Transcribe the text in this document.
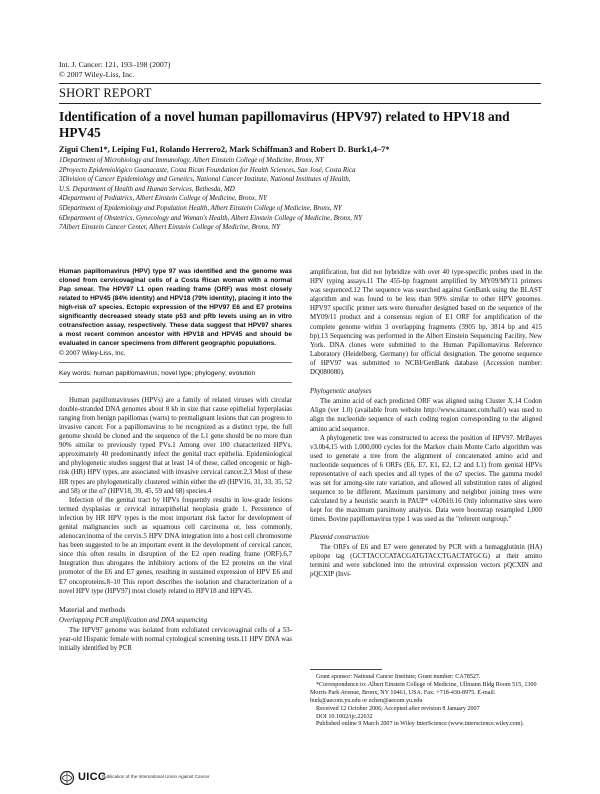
Int. J. Cancer: 121, 193–198 (2007)
© 2007 Wiley-Liss, Inc.
SHORT REPORT
Identification of a novel human papillomavirus (HPV97) related to HPV18 and HPV45
Zigui Chen1*, Leiping Fu1, Rolando Herrero2, Mark Schiffman3 and Robert D. Burk1,4–7*
1Department of Microbiology and Immunology, Albert Einstein College of Medicine, Bronx, NY
2Proyecto Epidemiológico Guanacaste, Costa Rican Foundation for Health Sciences, San José, Costa Rica
3Division of Cancer Epidemiology and Genetics, National Cancer Institute, National Institutes of Health,
U.S. Department of Health and Human Services, Bethesda, MD
4Department of Pediatrics, Albert Einstein College of Medicine, Bronx, NY
5Department of Epidemiology and Population Health, Albert Einstein College of Medicine, Bronx, NY
6Department of Obstetrics, Gynecology and Woman's Health, Albert Einstein College of Medicine, Bronx, NY
7Albert Einstein Cancer Center, Albert Einstein College of Medicine, Bronx, NY

Human papillomavirus (HPV) type 97 was identified and the genome was cloned from cervicovaginal cells of a Costa Rican woman with a normal Pap smear. The HPV97 L1 open reading frame (ORF) was most closely related to HPV45 (84% identity) and HPV18 (79% identity), placing it into the high-risk α7 species. Ectopic expression of the HPV97 E6 and E7 proteins significantly decreased steady state p53 and pRb levels using an in vitro cotransfection assay, respectively. These data suggest that HPV97 shares a most recent common ancestor with HPV18 and HPV45 and should be evaluated in cancer specimens from different geographic populations.

© 2007 Wiley-Liss, Inc.

Key words: human papillomavirus; novel type; phylogeny; evolution

Human papillomaviruses (HPVs) are a family of related viruses with circular double-stranded DNA genomes about 8 kb in size that cause epithelial hyperplasias ranging from benign papillomas (warts) to premalignant lesions that can progress to invasive cancer. For a papillomavirus to be recognized as a distinct type, the full genome should be cloned and the sequence of the L1 gene should be no more than 90% similar to previously typed PVs.1 Among over 100 characterized HPVs, approximately 40 predominantly infect the genital tract epithelia. Epidemiological and phylogenetic studies suggest that at least 14 of these, called oncogenic or high-risk (HR) HPV types, are associated with invasive cervical cancer.2,3 Most of these HR types are phylogenetically clustered within either the α9 (HPV16, 31, 33, 35, 52 and 58) or the α7 (HPV18, 39, 45, 59 and 68) species.4

Infection of the genital tract by HPVs frequently results in low-grade lesions termed dysplasias or cervical intraepithelial neoplasia grade 1. Persistence of infection by HR HPV types is the most important risk factor for development of genital malignancies such as squamous cell carcinoma or, less commonly, adenocarcinoma of the cervix.5 HPV DNA integration into a host cell chromosome has been suggested to be an important event in the development of cervical cancer, since this often results in disruption of the E2 open reading frame (ORF).6,7 Integration thus abrogates the inhibitory actions of the E2 proteins on the viral promoter of the E6 and E7 genes, resulting in sustained expression of HPV E6 and E7 oncoproteins.8–10 This report describes the isolation and characterization of a novel HPV type (HPV97) most closely related to HPV18 and HPV45.

Material and methods
Overlapping PCR amplification and DNA sequencing

The HPV97 genome was isolated from exfoliated cervicovaginal cells of a 53-year-old Hispanic female with normal cytological screening tests.11 HPV DNA was initially identified by PCR

amplification, but did not hybridize with over 40 type-specific probes used in the HPV typing assays.11 The 455-bp fragment amplified by MY09/MY11 primers was sequenced.12 The sequence was searched against GenBank using the BLAST algorithm and was found to be less than 90% similar to other HPV genomes. HPV97 specific primer sets were thereafter designed based on the sequence of the MY09/11 product and a consensus region of E1 ORF for amplification of the complete genome within 3 overlapping fragments (3905 bp, 3814 bp and 415 bp).13 Sequencing was performed in the Albert Einstein Sequencing Facility, New York. DNA clones were submitted to the Human Papillomavirus Reference Laboratory (Heidelberg, Germany) for official designation. The genome sequence of HPV97 was submitted to NCBI/GenBank database (Accession number: DQ080080).

Phylogenetic analyses

The amino acid of each predicted ORF was aligned using Cluster X.14 Codon Align (ver 1.0) (available from website http://www.sinauer.com/hall/) was used to align the nucleotide sequence of each coding region corresponding to the aligned amino acid sequence.

A phylogenetic tree was constructed to access the position of HPV97. MrBayes v3.0b4,15 with 1,000,000 cycles for the Markov chain Monte Carlo algorithm was used to generate a tree from the alignment of concatenated amino acid and nucleotide sequences of 6 ORFs (E6, E7, E1, E2, L2 and L1) from genital HPVs representative of each species and all types of the α7 species. The gamma model was set for among-site rate variation, and allowed all substitution rates of aligned sequence to be different. Maximum parsimony and neighbor joining trees were calculated by a heuristic search in PAUP* v4.0b10.16 Only informative sites were kept for the maximum parsimony analysis. Data were bootstrap resampled 1,000 times. Bovine papillomavirus type 1 was used as the ''referent outgroup.''

Plasmid construction

The ORFs of E6 and E7 were generated by PCR with a hemagglutinin (HA) epitope tag (GCTTACCCATACGATGTACCTGACTATGCG) at their amino termini and were subcloned into the retroviral expression vectors pQCXIN and pQCXIP (Invi-

Grant sponsor: National Cancer Institute; Grant number: CA78527.

*Correspondence to: Albert Einstein College of Medicine, Ullmann Bldg Room 515, 1300 Morris Park Avenue, Bronx, NY 10461, USA. Fax: +718-430-8975. E-mail: burk@aecom.yu.edu or zchen@aecom.yu.edu

Received 12 October 2006; Accepted after revision 8 January 2007

DOI 10.1002/ijc.22632

Published online 9 March 2007 in Wiley InterScience (www.interscience.wiley.com).

UICC
Publication of the International Union Against Cancer
